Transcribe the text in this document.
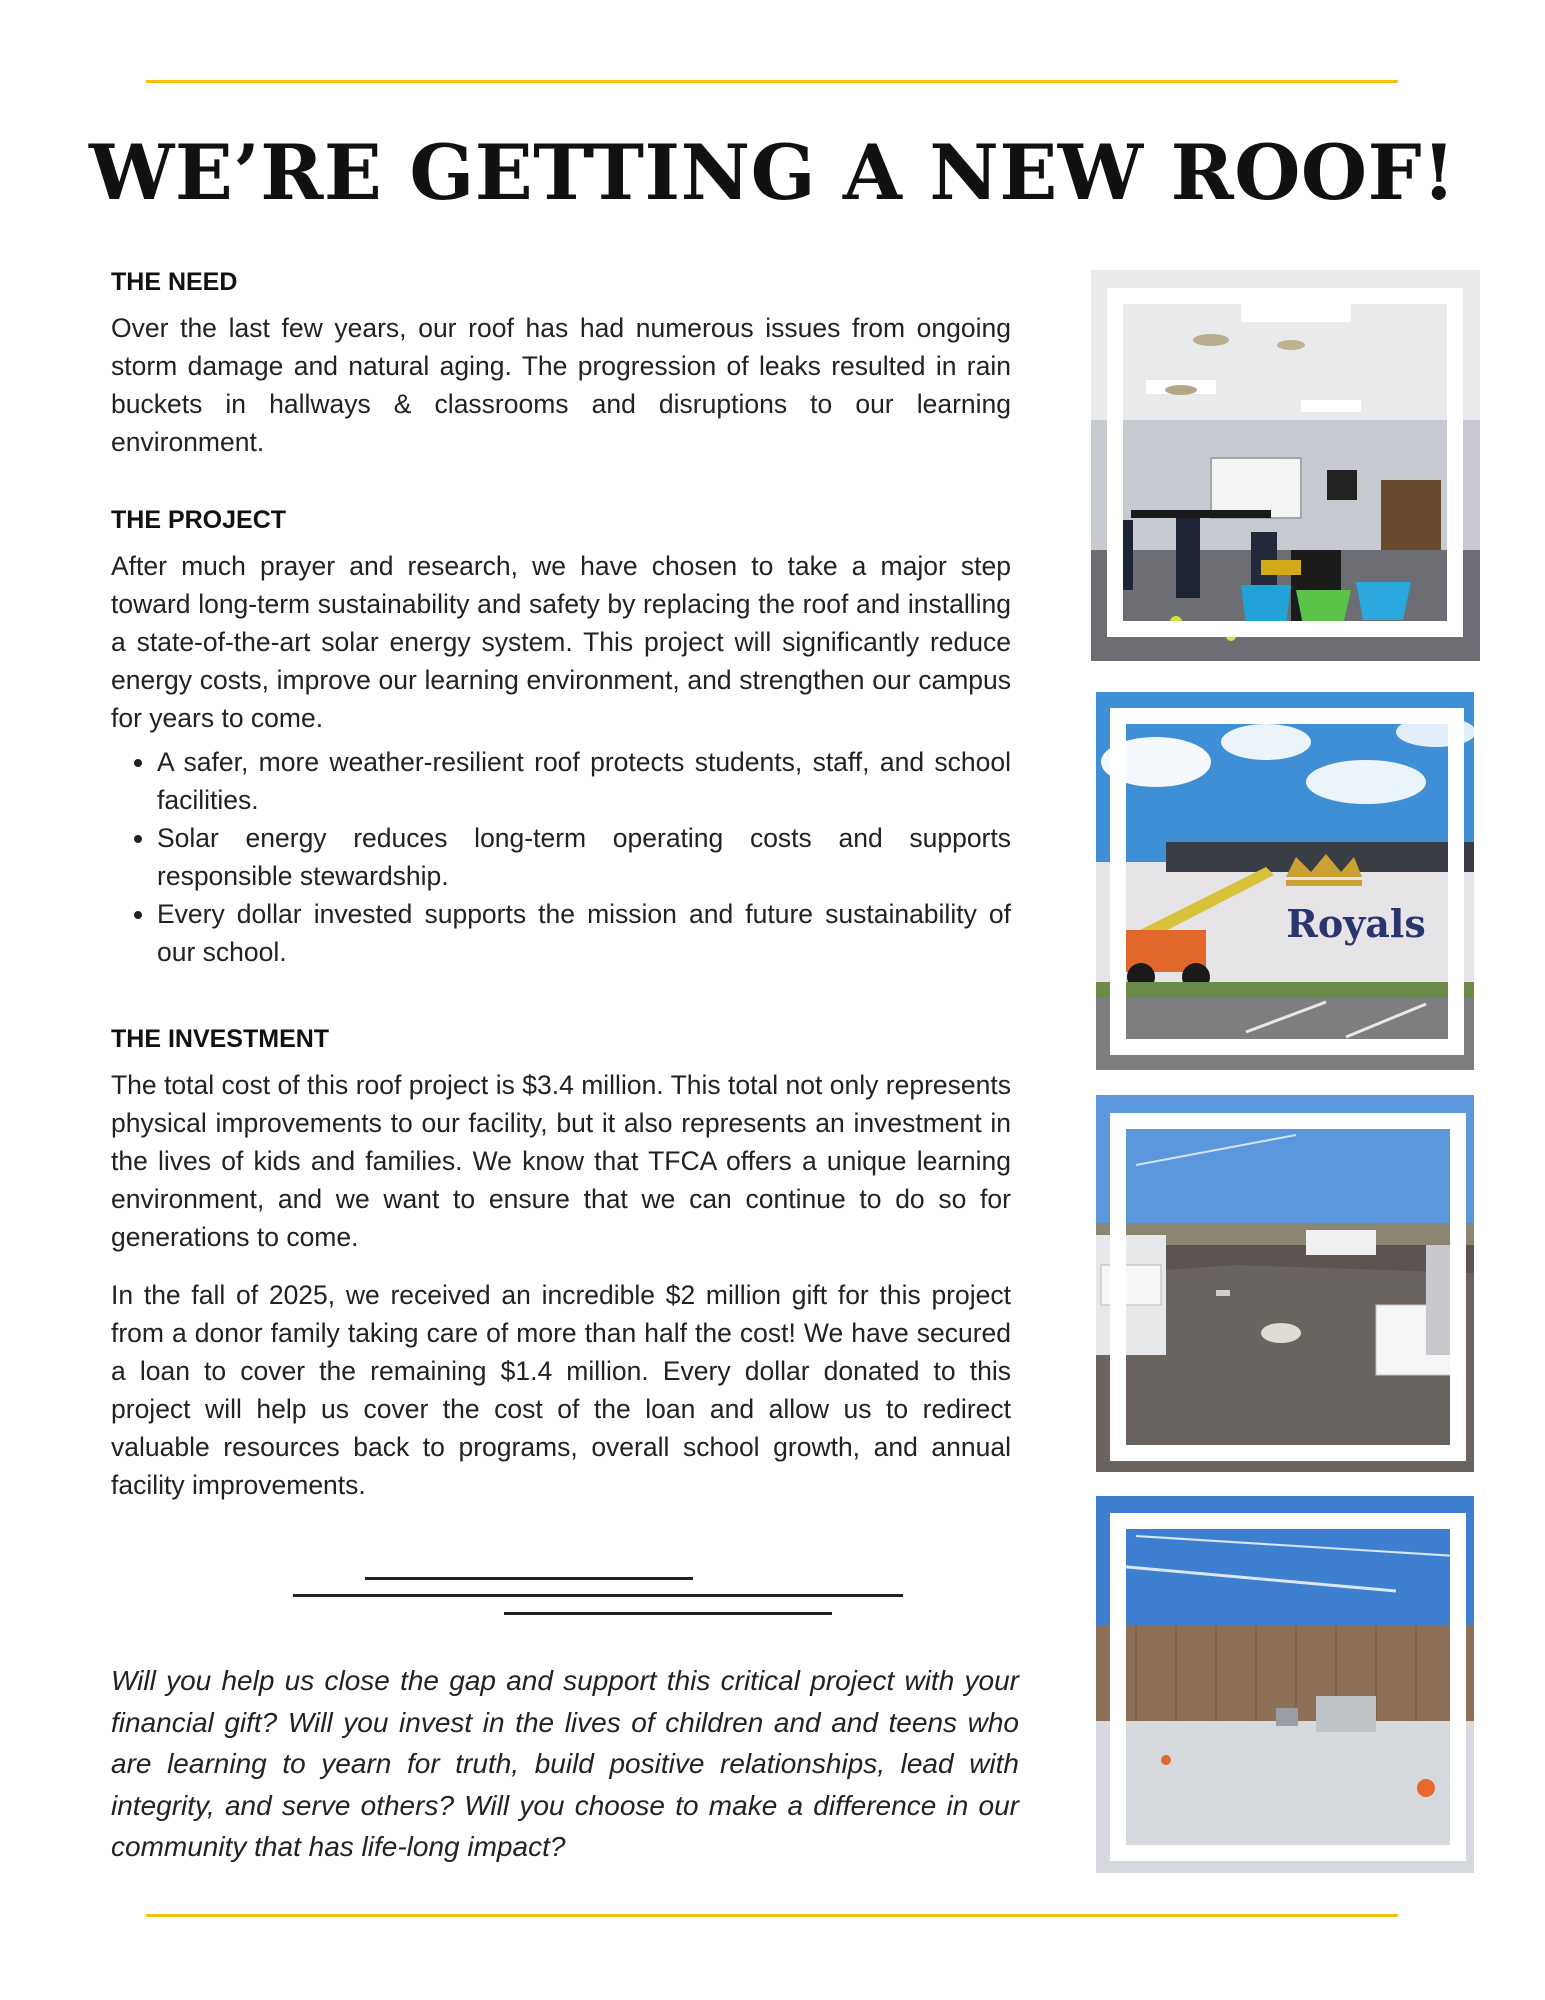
WE’RE GETTING A NEW ROOF!

THE NEED

Over the last few years, our roof has had numerous issues from ongoing storm damage and natural aging. The progression of leaks resulted in rain buckets in hallways & classrooms and disruptions to our learning environment.

THE PROJECT

After much prayer and research, we have chosen to take a major step toward long-term sustainability and safety by replacing the roof and installing a state-of-the-art solar energy system. This project will significantly reduce energy costs, improve our learning environment, and strengthen our campus for years to come.

• A safer, more weather-resilient roof protects students, staff, and school facilities.
• Solar energy reduces long-term operating costs and supports responsible stewardship.
• Every dollar invested supports the mission and future sustainability of our school.

THE INVESTMENT

The total cost of this roof project is $3.4 million. This total not only represents physical improvements to our facility, but it also represents an investment in the lives of kids and families. We know that TFCA offers a unique learning environment, and we want to ensure that we can continue to do so for generations to come.

In the fall of 2025, we received an incredible $2 million gift for this project from a donor family taking care of more than half the cost! We have secured a loan to cover the remaining $1.4 million. Every dollar donated to this project will help us cover the cost of the loan and allow us to redirect valuable resources back to programs, overall school growth, and annual facility improvements.

Will you help us close the gap and support this critical project with your financial gift? Will you invest in the lives of children and and teens who are learning to yearn for truth, build positive relationships, lead with integrity, and serve others? Will you choose to make a difference in our community that has life-long impact?

Royals
